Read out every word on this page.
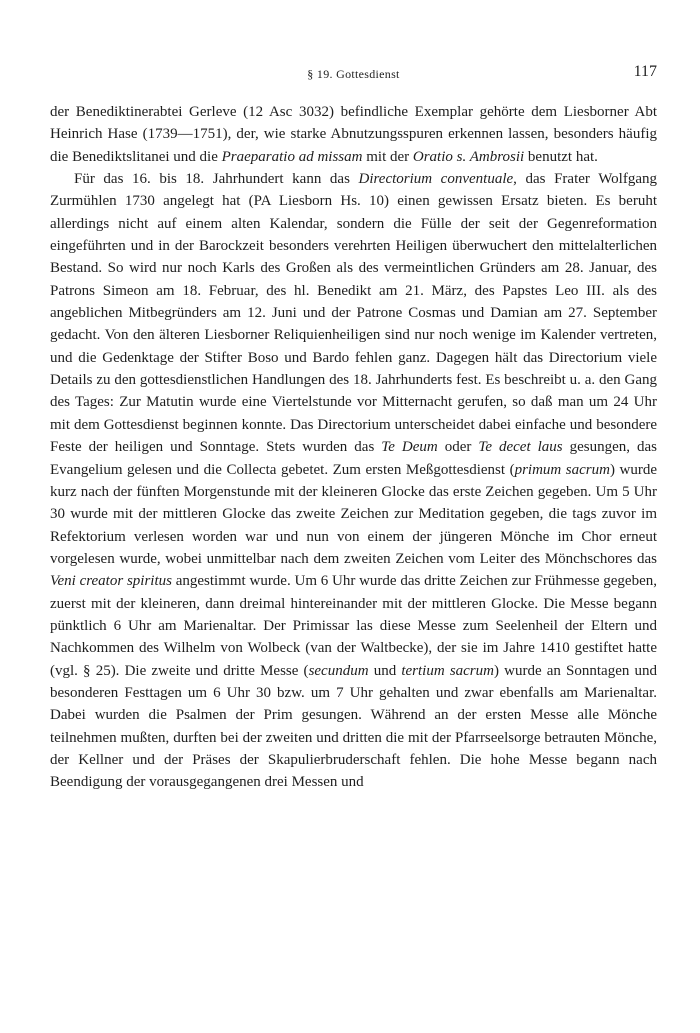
§ 19. Gottesdienst	117

der Benediktinerabtei Gerleve (12 Asc 3032) befindliche Exemplar gehörte dem Liesborner Abt Heinrich Hase (1739—1751), der, wie starke Abnutzungsspuren erkennen lassen, besonders häufig die Benediktslitanei und die Praeparatio ad missam mit der Oratio s. Ambrosii benutzt hat.

Für das 16. bis 18. Jahrhundert kann das Directorium conventuale, das Frater Wolfgang Zurmühlen 1730 angelegt hat (PA Liesborn Hs. 10) einen gewissen Ersatz bieten. Es beruht allerdings nicht auf einem alten Kalendar, sondern die Fülle der seit der Gegenreformation eingeführten und in der Barockzeit besonders verehrten Heiligen überwuchert den mittelalterlichen Bestand. So wird nur noch Karls des Großen als des vermeintlichen Gründers am 28. Januar, des Patrons Simeon am 18. Februar, des hl. Benedikt am 21. März, des Papstes Leo III. als des angeblichen Mitbegründers am 12. Juni und der Patrone Cosmas und Damian am 27. September gedacht. Von den älteren Liesborner Reliquienheiligen sind nur noch wenige im Kalender vertreten, und die Gedenktage der Stifter Boso und Bardo fehlen ganz. Dagegen hält das Directorium viele Details zu den gottesdienstlichen Handlungen des 18. Jahrhunderts fest. Es beschreibt u. a. den Gang des Tages: Zur Matutin wurde eine Viertelstunde vor Mitternacht gerufen, so daß man um 24 Uhr mit dem Gottesdienst beginnen konnte. Das Directorium unterscheidet dabei einfache und besondere Feste der heiligen und Sonntage. Stets wurden das Te Deum oder Te decet laus gesungen, das Evangelium gelesen und die Collecta gebetet. Zum ersten Meßgottesdienst (primum sacrum) wurde kurz nach der fünften Morgenstunde mit der kleineren Glocke das erste Zeichen gegeben. Um 5 Uhr 30 wurde mit der mittleren Glocke das zweite Zeichen zur Meditation gegeben, die tags zuvor im Refektorium verlesen worden war und nun von einem der jüngeren Mönche im Chor erneut vorgelesen wurde, wobei unmittelbar nach dem zweiten Zeichen vom Leiter des Mönchschores das Veni creator spiritus angestimmt wurde. Um 6 Uhr wurde das dritte Zeichen zur Frühmesse gegeben, zuerst mit der kleineren, dann dreimal hintereinander mit der mittleren Glocke. Die Messe begann pünktlich 6 Uhr am Marienaltar. Der Primissar las diese Messe zum Seelenheil der Eltern und Nachkommen des Wilhelm von Wolbeck (van der Waltbecke), der sie im Jahre 1410 gestiftet hatte (vgl. § 25). Die zweite und dritte Messe (secundum und tertium sacrum) wurde an Sonntagen und besonderen Festtagen um 6 Uhr 30 bzw. um 7 Uhr gehalten und zwar ebenfalls am Marienaltar. Dabei wurden die Psalmen der Prim gesungen. Während an der ersten Messe alle Mönche teilnehmen mußten, durften bei der zweiten und dritten die mit der Pfarrseelsorge betrauten Mönche, der Kellner und der Präses der Skapulierbruderschaft fehlen. Die hohe Messe begann nach Beendigung der vorausgegangenen drei Messen und
